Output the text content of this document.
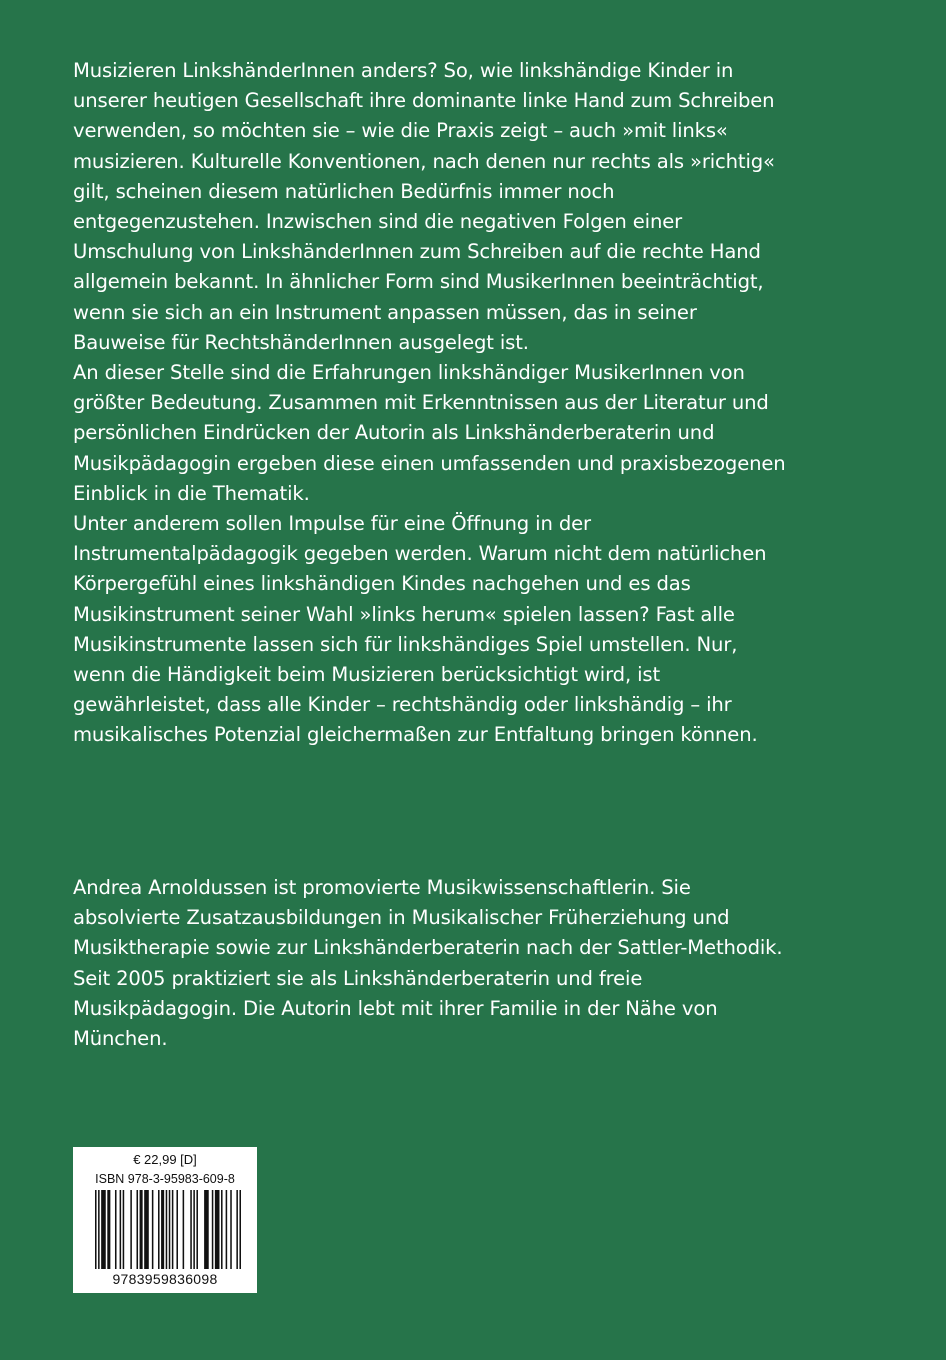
Musizieren LinkshänderInnen anders? So, wie linkshändige Kinder in unserer heutigen Gesellschaft ihre dominante linke Hand zum Schreiben verwenden, so möchten sie – wie die Praxis zeigt – auch »mit links« musizieren. Kulturelle Konventionen, nach denen nur rechts als »richtig« gilt, scheinen diesem natürlichen Bedürfnis immer noch entgegenzustehen. Inzwischen sind die negativen Folgen einer Umschulung von LinkshänderInnen zum Schreiben auf die rechte Hand allgemein bekannt. In ähnlicher Form sind MusikerInnen beeinträchtigt, wenn sie sich an ein Instrument anpassen müssen, das in seiner Bauweise für RechtshänderInnen ausgelegt ist.

An dieser Stelle sind die Erfahrungen linkshändiger MusikerInnen von größter Bedeutung. Zusammen mit Erkenntnissen aus der Literatur und persönlichen Eindrücken der Autorin als Linkshänderberaterin und Musikpädagogin ergeben diese einen umfassenden und praxisbezogenen Einblick in die Thematik.

Unter anderem sollen Impulse für eine Öffnung in der Instrumentalpädagogik gegeben werden. Warum nicht dem natürlichen Körpergefühl eines linkshändigen Kindes nachgehen und es das Musikinstrument seiner Wahl »links herum« spielen lassen? Fast alle Musikinstrumente lassen sich für linkshändiges Spiel umstellen. Nur, wenn die Händigkeit beim Musizieren berücksichtigt wird, ist gewährleistet, dass alle Kinder – rechtshändig oder linkshändig – ihr musikalisches Potenzial gleichermaßen zur Entfaltung bringen können.

Andrea Arnoldussen ist promovierte Musikwissenschaftlerin. Sie absolvierte Zusatzausbildungen in Musikalischer Früherziehung und Musiktherapie sowie zur Linkshänderberaterin nach der Sattler-Methodik. Seit 2005 praktiziert sie als Linkshänderberaterin und freie Musikpädagogin. Die Autorin lebt mit ihrer Familie in der Nähe von München.

€ 22,99 [D]
ISBN 978-3-95983-609-8
9783959836098
